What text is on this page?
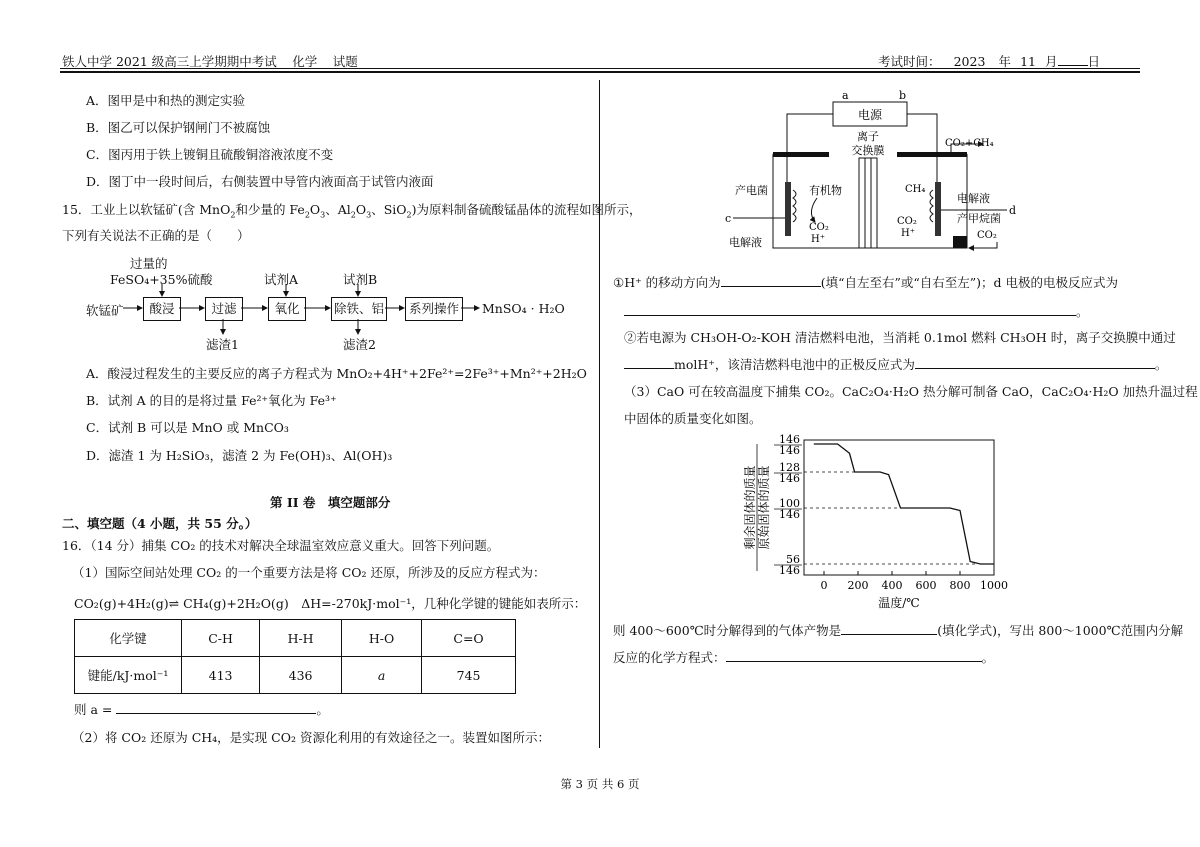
铁人中学 2021 级高三上学期期中考试 化学 试题	考试时间： 2023 年 11 月 日
A．图甲是中和热的测定实验
B．图乙可以保护钢闸门不被腐蚀
C．图丙用于铁上镀铜且硫酸铜溶液浓度不变
D．图丁中一段时间后，右侧装置中导管内液面高于试管内液面
15．工业上以软锰矿(含 MnO$_2$和少量的 $Fe_2O_3$、$Al_2O_3$、SiO$_2$)为原料制备硫酸锰晶体的流程如图所示，
下列有关说法不正确的是（　　）
过量的
FeSO₄+35%硫酸	试剂A	试剂B
软锰矿	酸浸	过滤	氧化	除铁、铝	系列操作	MnSO₄ · H₂O
滤渣1	滤渣2
A．酸浸过程发生的主要反应的离子方程式为 MnO₂+4H⁺+2Fe²⁺=2Fe³⁺+Mn²⁺+2H₂O
B．试剂 A 的目的是将过量 Fe²⁺氧化为 Fe³⁺
C．试剂 B 可以是 MnO 或 MnCO₃
D．滤渣 1 为 H₂SiO₃，滤渣 2 为 Fe(OH)₃、Al(OH)₃
第 II 卷　填空题部分
二、填空题（4 小题，共 55 分。）
16．（14 分）捕集 CO₂ 的技术对解决全球温室效应意义重大。回答下列问题。
（1）国际空间站处理 CO₂ 的一个重要方法是将 CO₂ 还原，所涉及的反应方程式为：
CO₂(g)+4H₂(g)⇌ CH₄(g)+2H₂O(g)　ΔH=-270kJ·mol⁻¹，几种化学键的键能如表所示：
化学键	C-H	H-H	H-O	C=O
键能/kJ·mol⁻¹	413	436	a	745
则 a =	。
（2）将 CO₂ 还原为 CH₄，是实现 CO₂ 资源化利用的有效途径之一。装置如图所示：
电源
a	b
离子
交换膜
产电菌	有机物
c
CO₂
H⁺
电解液
CO₂+CH₄
CH₄
CO₂
H⁺
电解液
产甲烷菌
d
CO₂
①H⁺ 的移动方向为	(填“自左至右”或“自右至左”)；d 电极的电极反应式为
。
②若电源为 CH₃OH-O₂-KOH 清洁燃料电池，当消耗 0.1mol 燃料 CH₃OH 时，离子交换膜中通过
molH⁺，该清洁燃料电池中的正极反应式为	。
（3）CaO 可在较高温度下捕集 CO₂。CaC₂O₄·H₂O 热分解可制备 CaO，CaC₂O₄·H₂O 加热升温过程
中固体的质量变化如图。
146
146
128
146
100
146
56
146
0 200 400 600 800 1000
温度/℃
剩余固体的质量 原始固体的质量
则 400～600℃时分解得到的气体产物是	(填化学式)，写出 800～1000℃范围内分解
反应的化学方程式：	。
第 3 页 共 6 页
